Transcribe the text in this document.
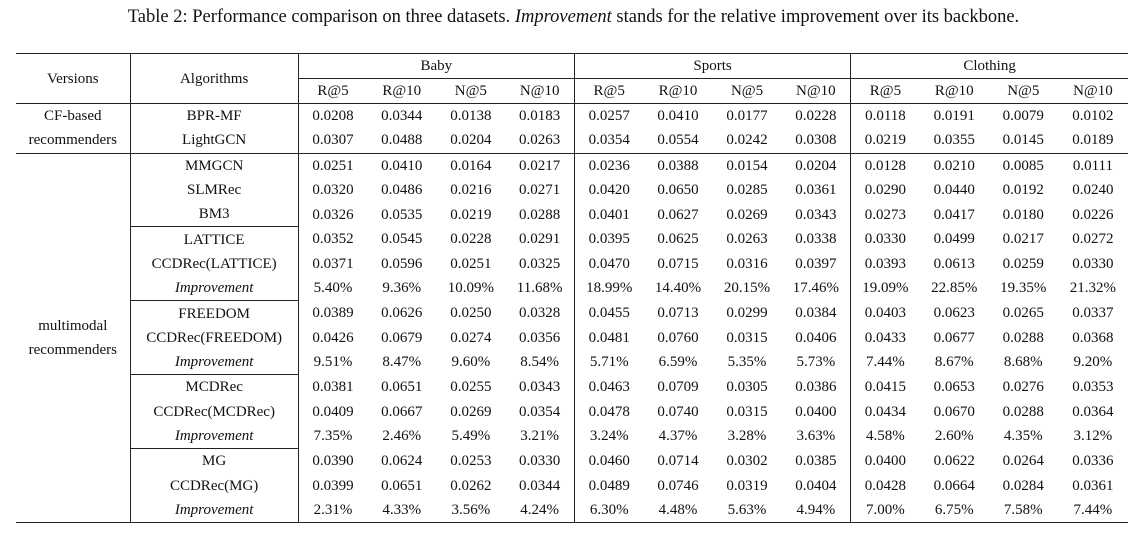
Table 2: Performance comparison on three datasets. Improvement stands for the relative improvement over its backbone.
Versions	Algorithms	Baby				Sports				Clothing			
		R@5	R@10	N@5	N@10	R@5	R@10	N@5	N@10	R@5	R@10	N@5	N@10

CF-based
recommenders	BPR-MF	0.0208	0.0344	0.0138	0.0183	0.0257	0.0410	0.0177	0.0228	0.0118	0.0191	0.0079	0.0102
	LightGCN	0.0307	0.0488	0.0204	0.0263	0.0354	0.0554	0.0242	0.0308	0.0219	0.0355	0.0145	0.0189

multimodal
recommenders	MMGCN	0.0251	0.0410	0.0164	0.0217	0.0236	0.0388	0.0154	0.0204	0.0128	0.0210	0.0085	0.0111
	SLMRec	0.0320	0.0486	0.0216	0.0271	0.0420	0.0650	0.0285	0.0361	0.0290	0.0440	0.0192	0.0240
	BM3	0.0326	0.0535	0.0219	0.0288	0.0401	0.0627	0.0269	0.0343	0.0273	0.0417	0.0180	0.0226
	LATTICE	0.0352	0.0545	0.0228	0.0291	0.0395	0.0625	0.0263	0.0338	0.0330	0.0499	0.0217	0.0272
	CCDRec(LATTICE)	0.0371	0.0596	0.0251	0.0325	0.0470	0.0715	0.0316	0.0397	0.0393	0.0613	0.0259	0.0330
	Improvement	5.40%	9.36%	10.09%	11.68%	18.99%	14.40%	20.15%	17.46%	19.09%	22.85%	19.35%	21.32%
	FREEDOM	0.0389	0.0626	0.0250	0.0328	0.0455	0.0713	0.0299	0.0384	0.0403	0.0623	0.0265	0.0337
	CCDRec(FREEDOM)	0.0426	0.0679	0.0274	0.0356	0.0481	0.0760	0.0315	0.0406	0.0433	0.0677	0.0288	0.0368
	Improvement	9.51%	8.47%	9.60%	8.54%	5.71%	6.59%	5.35%	5.73%	7.44%	8.67%	8.68%	9.20%
	MCDRec	0.0381	0.0651	0.0255	0.0343	0.0463	0.0709	0.0305	0.0386	0.0415	0.0653	0.0276	0.0353
	CCDRec(MCDRec)	0.0409	0.0667	0.0269	0.0354	0.0478	0.0740	0.0315	0.0400	0.0434	0.0670	0.0288	0.0364
	Improvement	7.35%	2.46%	5.49%	3.21%	3.24%	4.37%	3.28%	3.63%	4.58%	2.60%	4.35%	3.12%
	MG	0.0390	0.0624	0.0253	0.0330	0.0460	0.0714	0.0302	0.0385	0.0400	0.0622	0.0264	0.0336
	CCDRec(MG)	0.0399	0.0651	0.0262	0.0344	0.0489	0.0746	0.0319	0.0404	0.0428	0.0664	0.0284	0.0361
	Improvement	2.31%	4.33%	3.56%	4.24%	6.30%	4.48%	5.63%	4.94%	7.00%	6.75%	7.58%	7.44%
